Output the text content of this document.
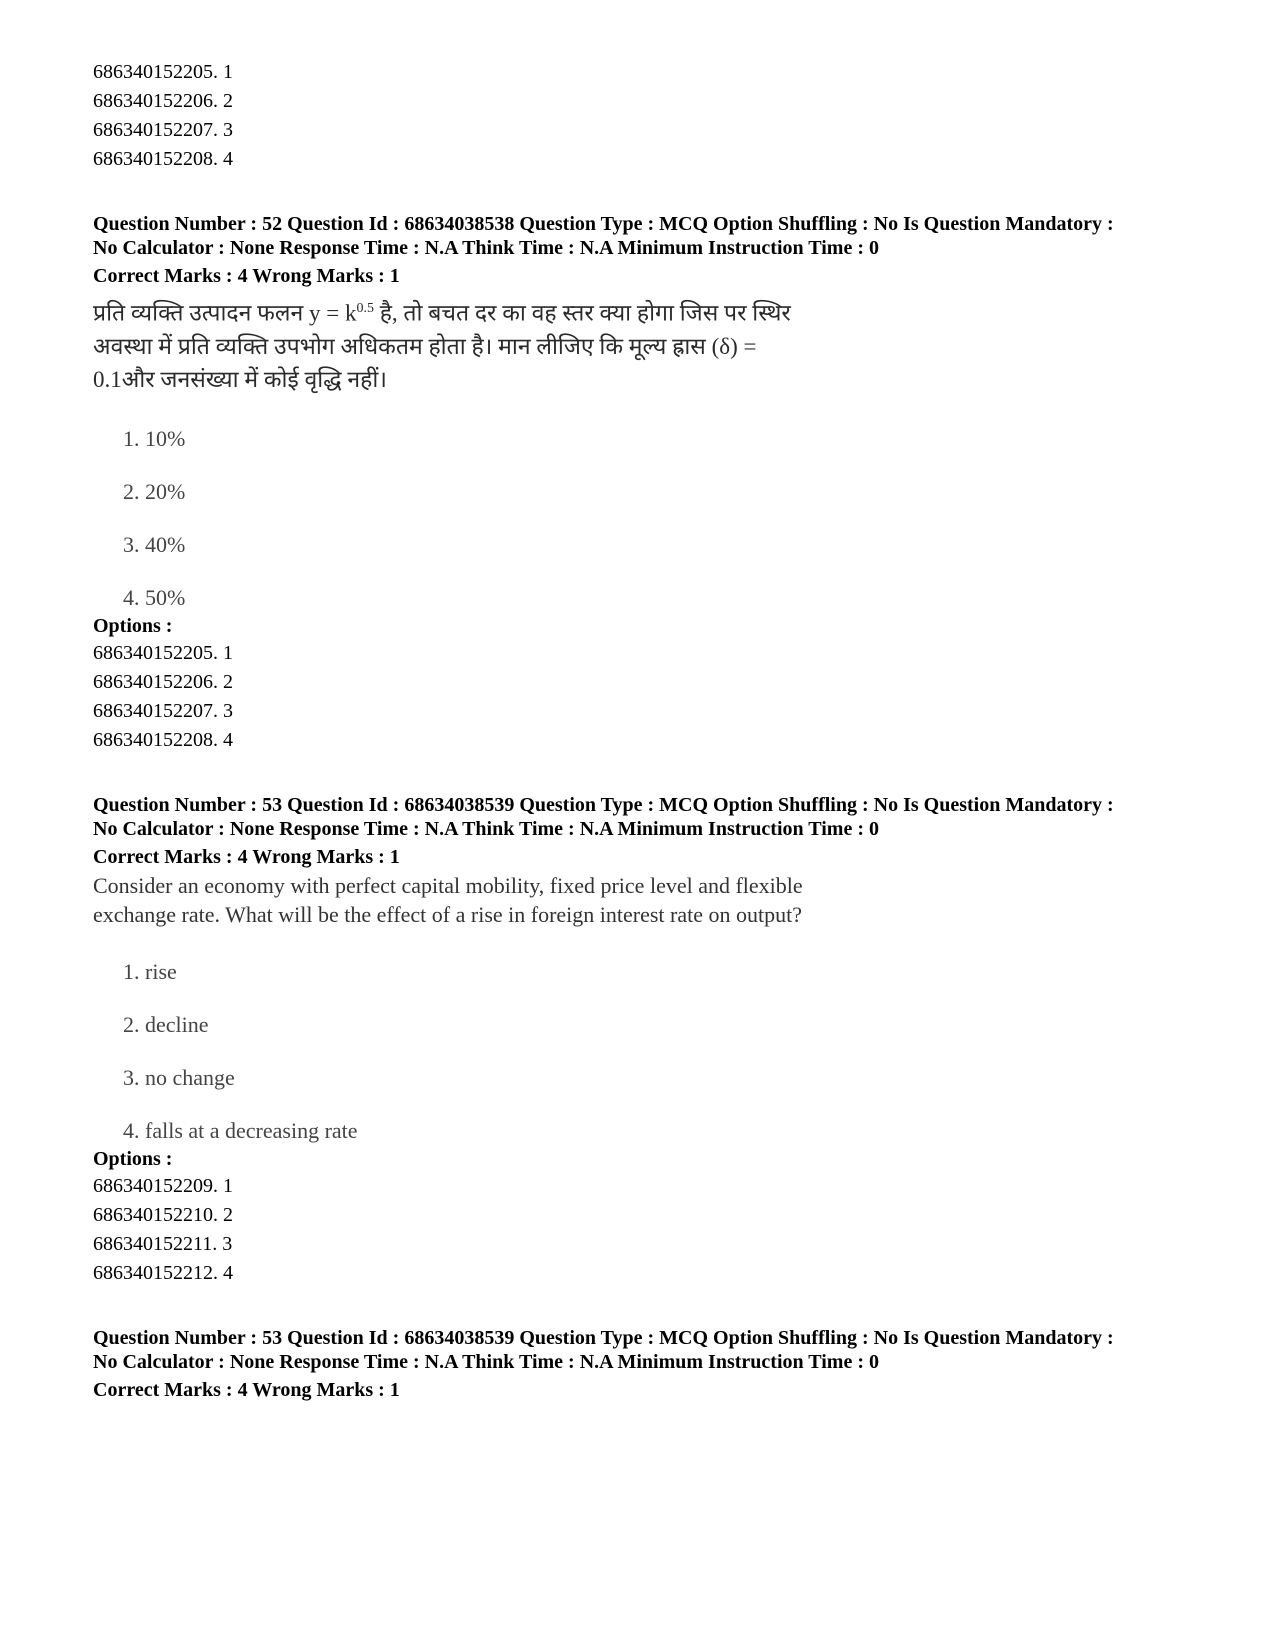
686340152205. 1
686340152206. 2
686340152207. 3
686340152208. 4
Question Number : 52 Question Id : 68634038538 Question Type : MCQ Option Shuffling : No Is Question Mandatory :
No Calculator : None Response Time : N.A Think Time : N.A Minimum Instruction Time : 0
Correct Marks : 4 Wrong Marks : 1
प्रति व्यक्ति उत्पादन फलन $y = k^{0.5}$ है, तो बचत दर का वह स्तर क्या होगा जिस पर स्थिर
अवस्था में प्रति व्यक्ति उपभोग अधिकतम होता है। मान लीजिए कि मूल्य ह्रास (δ) =
0.1और जनसंख्या में कोई वृद्धि नहीं।
1. 10%
2. 20%
3. 40%
4. 50%
Options :
686340152205. 1
686340152206. 2
686340152207. 3
686340152208. 4
Question Number : 53 Question Id : 68634038539 Question Type : MCQ Option Shuffling : No Is Question Mandatory :
No Calculator : None Response Time : N.A Think Time : N.A Minimum Instruction Time : 0
Correct Marks : 4 Wrong Marks : 1
Consider an economy with perfect capital mobility, fixed price level and flexible
exchange rate. What will be the effect of a rise in foreign interest rate on output?
1. rise
2. decline
3. no change
4. falls at a decreasing rate
Options :
686340152209. 1
686340152210. 2
686340152211. 3
686340152212. 4
Question Number : 53 Question Id : 68634038539 Question Type : MCQ Option Shuffling : No Is Question Mandatory :
No Calculator : None Response Time : N.A Think Time : N.A Minimum Instruction Time : 0
Correct Marks : 4 Wrong Marks : 1
